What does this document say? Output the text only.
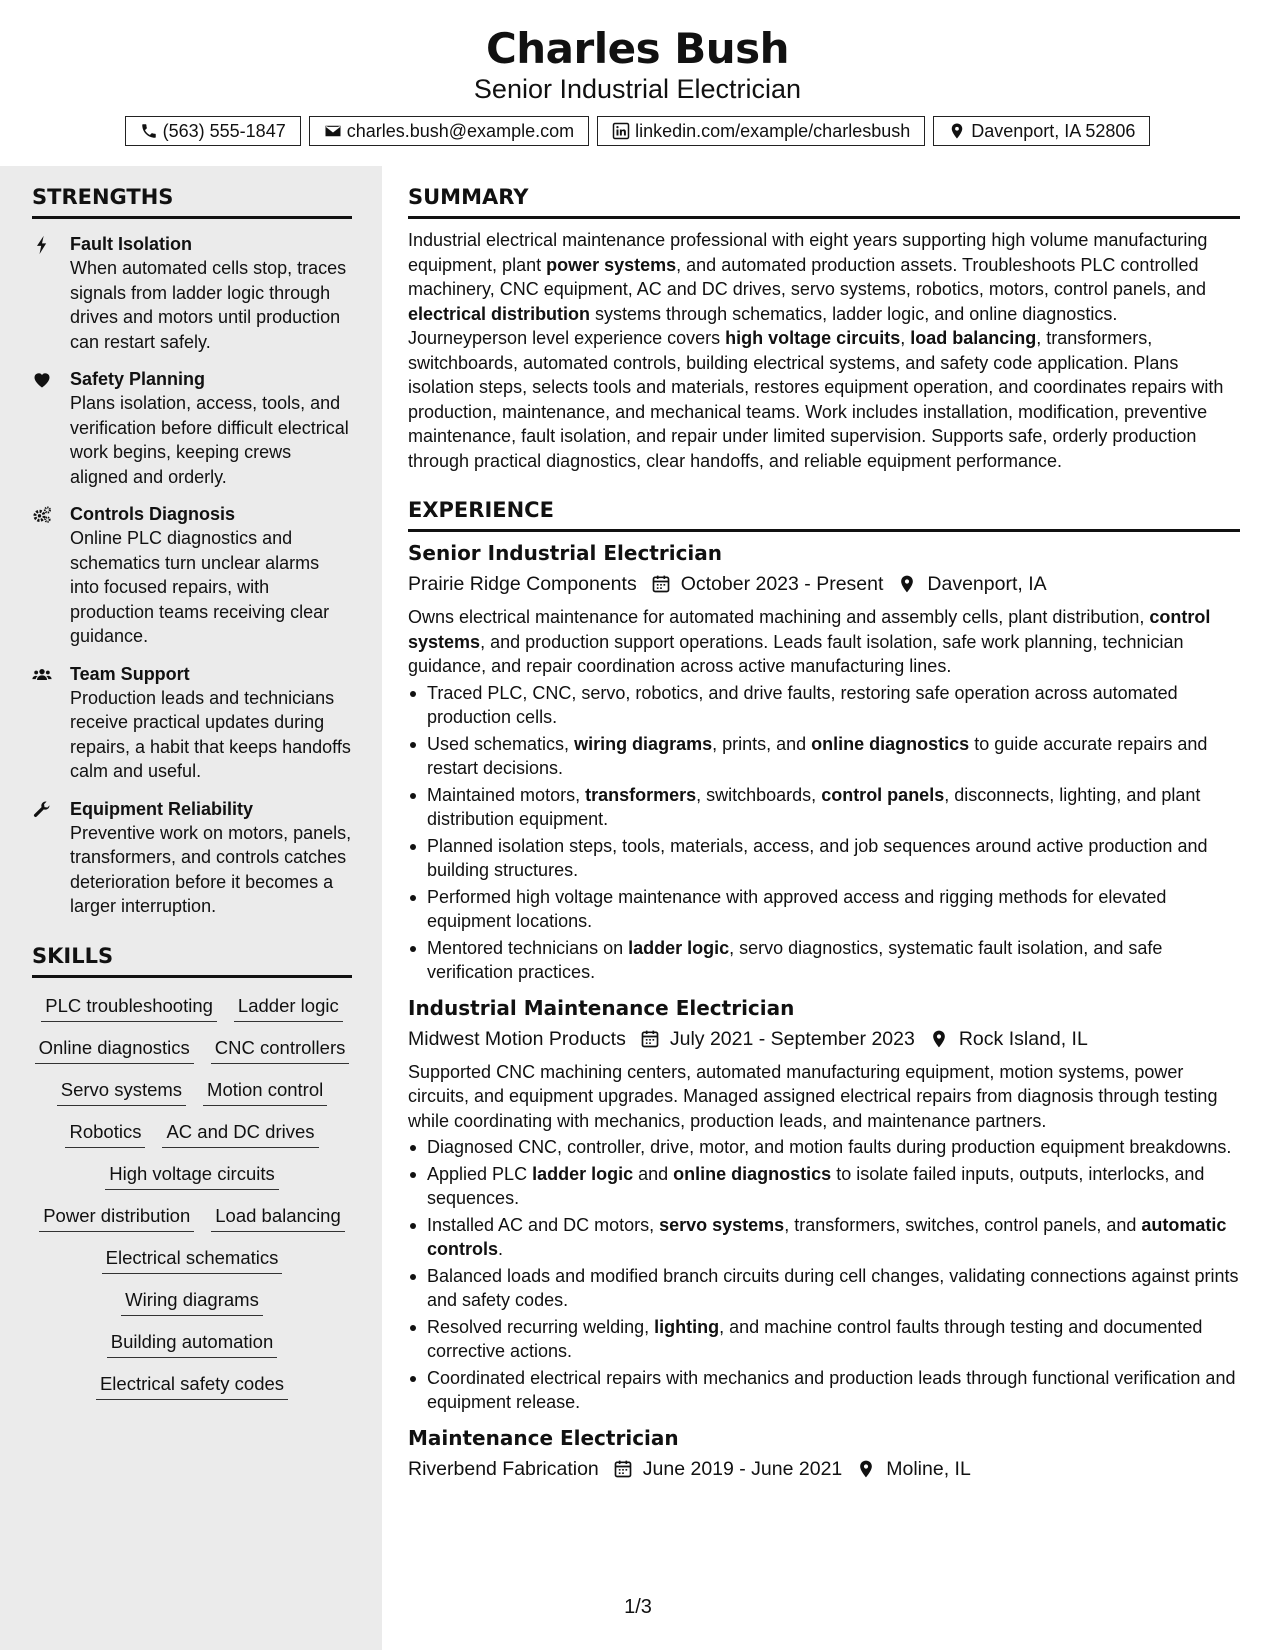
Charles Bush
Senior Industrial Electrician
(563) 555-1847	charles.bush@example.com	linkedin.com/example/charlesbush	Davenport, IA 52806
STRENGTHS
Fault Isolation
When automated cells stop, traces signals from ladder logic through drives and motors until production can restart safely.
Safety Planning
Plans isolation, access, tools, and verification before difficult electrical work begins, keeping crews aligned and orderly.
Controls Diagnosis
Online PLC diagnostics and schematics turn unclear alarms into focused repairs, with production teams receiving clear guidance.
Team Support
Production leads and technicians receive practical updates during repairs, a habit that keeps handoffs calm and useful.
Equipment Reliability
Preventive work on motors, panels, transformers, and controls catches deterioration before it becomes a larger interruption.
SKILLS
PLC troubleshooting Ladder logic
Online diagnostics CNC controllers
Servo systems Motion control
Robotics AC and DC drives
High voltage circuits
Power distribution Load balancing
Electrical schematics
Wiring diagrams
Building automation
Electrical safety codes
SUMMARY

Industrial electrical maintenance professional with eight years supporting high volume manufacturing equipment, plant power systems, and automated production assets. Troubleshoots PLC controlled machinery, CNC equipment, AC and DC drives, servo systems, robotics, motors, control panels, and electrical distribution systems through schematics, ladder logic, and online diagnostics. Journeyperson level experience covers high voltage circuits, load balancing, transformers, switchboards, automated controls, building electrical systems, and safety code application. Plans isolation steps, selects tools and materials, restores equipment operation, and coordinates repairs with production, maintenance, and mechanical teams. Work includes installation, modification, preventive maintenance, fault isolation, and repair under limited supervision. Supports safe, orderly production through practical diagnostics, clear handoffs, and reliable equipment performance.

EXPERIENCE
Senior Industrial Electrician
Prairie Ridge Components October 2023 - Present Davenport, IA

Owns electrical maintenance for automated machining and assembly cells, plant distribution, control systems, and production support operations. Leads fault isolation, safe work planning, technician guidance, and repair coordination across active manufacturing lines.

Traced PLC, CNC, servo, robotics, and drive faults, restoring safe operation across automated production cells.
Used schematics, wiring diagrams, prints, and online diagnostics to guide accurate repairs and restart decisions.
Maintained motors, transformers, switchboards, control panels, disconnects, lighting, and plant distribution equipment.
Planned isolation steps, tools, materials, access, and job sequences around active production and building structures.
Performed high voltage maintenance with approved access and rigging methods for elevated equipment locations.
Mentored technicians on ladder logic, servo diagnostics, systematic fault isolation, and safe verification practices.
Industrial Maintenance Electrician
Midwest Motion Products July 2021 - September 2023 Rock Island, IL

Supported CNC machining centers, automated manufacturing equipment, motion systems, power circuits, and equipment upgrades. Managed assigned electrical repairs from diagnosis through testing while coordinating with mechanics, production leads, and maintenance partners.

Diagnosed CNC, controller, drive, motor, and motion faults during production equipment breakdowns.
Applied PLC ladder logic and online diagnostics to isolate failed inputs, outputs, interlocks, and sequences.
Installed AC and DC motors, servo systems, transformers, switches, control panels, and automatic controls.
Balanced loads and modified branch circuits during cell changes, validating connections against prints and safety codes.
Resolved recurring welding, lighting, and machine control faults through testing and documented corrective actions.
Coordinated electrical repairs with mechanics and production leads through functional verification and equipment release.
Maintenance Electrician
Riverbend Fabrication June 2019 - June 2021 Moline, IL
1/3
